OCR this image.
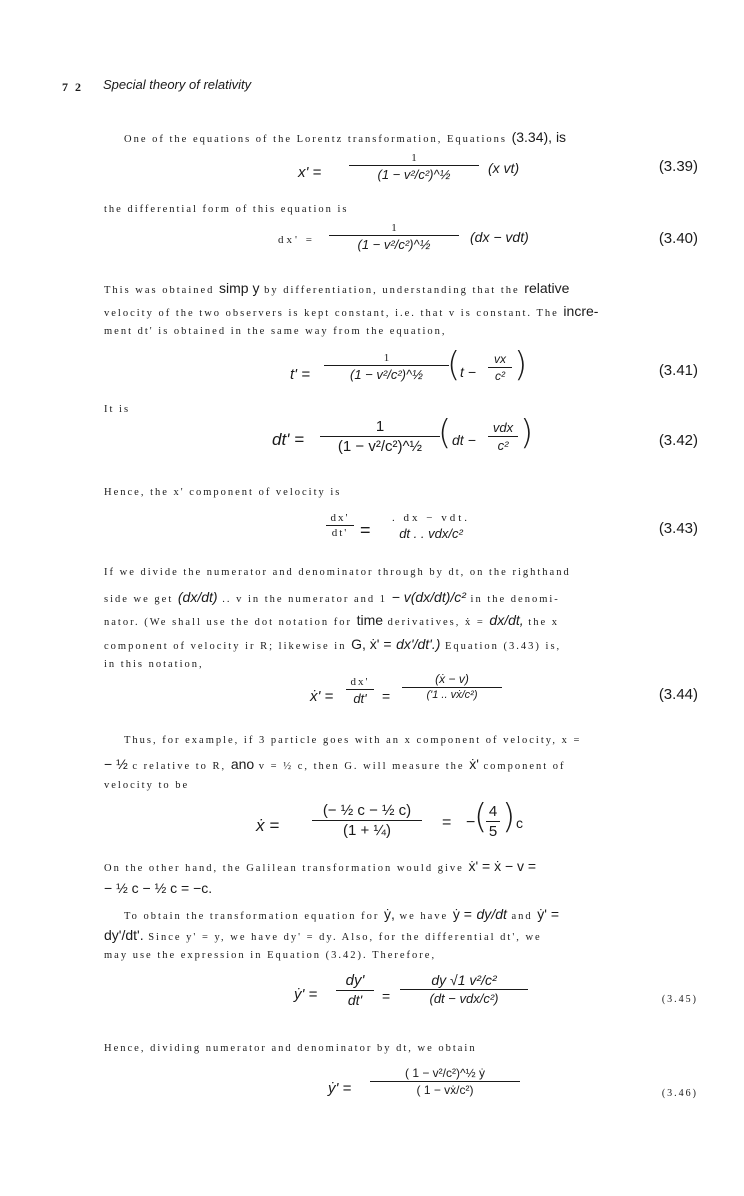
7 2 Special theory of relativity
One of the equations of the Lorentz transformation, Equations (3.34), is
x' =
1
(1 − v²/c²)^½	(x vt)	(3.39)
the differential form of this equation is
dx' =
1
(1 − v²/c²)^½	(dx − vdt)	(3.40)
This was obtained simp y by differentiation, understanding that the relative
velocity of the two observers is kept constant, i.e. that v is constant. The incre-
ment dt' is obtained in the same way from the equation,
t' =
1
(1 − v²/c²)^½ ( t −
vx
c² )	(3.41)
It is
dt' =
1
(1 − v²/c²)^½ ( dt −
vdx
c² )	(3.42)
Hence, the x' component of velocity is
dx'
dt' =
. dx − vdt.
dt . . vdx/c²	(3.43)
If we divide the numerator and denominator through by dt, on the righthand
side we get (dx/dt) .. v in the numerator and 1 − v(dx/dt)/c² in the denomi-
nator. (We shall use the dot notation for time derivatives, ẋ = dx/dt, the x
component of velocity ir R; likewise in G, ẋ' = dx'/dt'.) Equation (3.43) is,
in this notation,
ẋ' =
dx'
dt'	=
(ẋ − v)
('1 .. vẋ/c²)	(3.44)
Thus, for example, if 3 particle goes with an x component of velocity, x =
− ½ c relative to R, ano v = ½ c, then G. will measure the ẋ' component of
velocity to be
ẋ =
(− ½ c − ½ c)
(1 + ¼)	= −
( 4
5 ) c
On the other hand, the Galilean transformation would give ẋ' = ẋ − v =
− ½ c − ½ c = −c.
To obtain the transformation equation for ẏ, we have ẏ = dy/dt and ẏ' =
dy'/dt'. Since y' = y, we have dy' = dy. Also, for the differential dt', we
may use the expression in Equation (3.42). Therefore,
ẏ' =
dy'
dt'	=
dy √1 v²/c²
(dt − vdx/c²)	(3.45)
Hence, dividing numerator and denominator by dt, we obtain
ẏ' =
( 1 − v²/c²)^½ ẏ
( 1 − vẋ/c²)	(3.46)
